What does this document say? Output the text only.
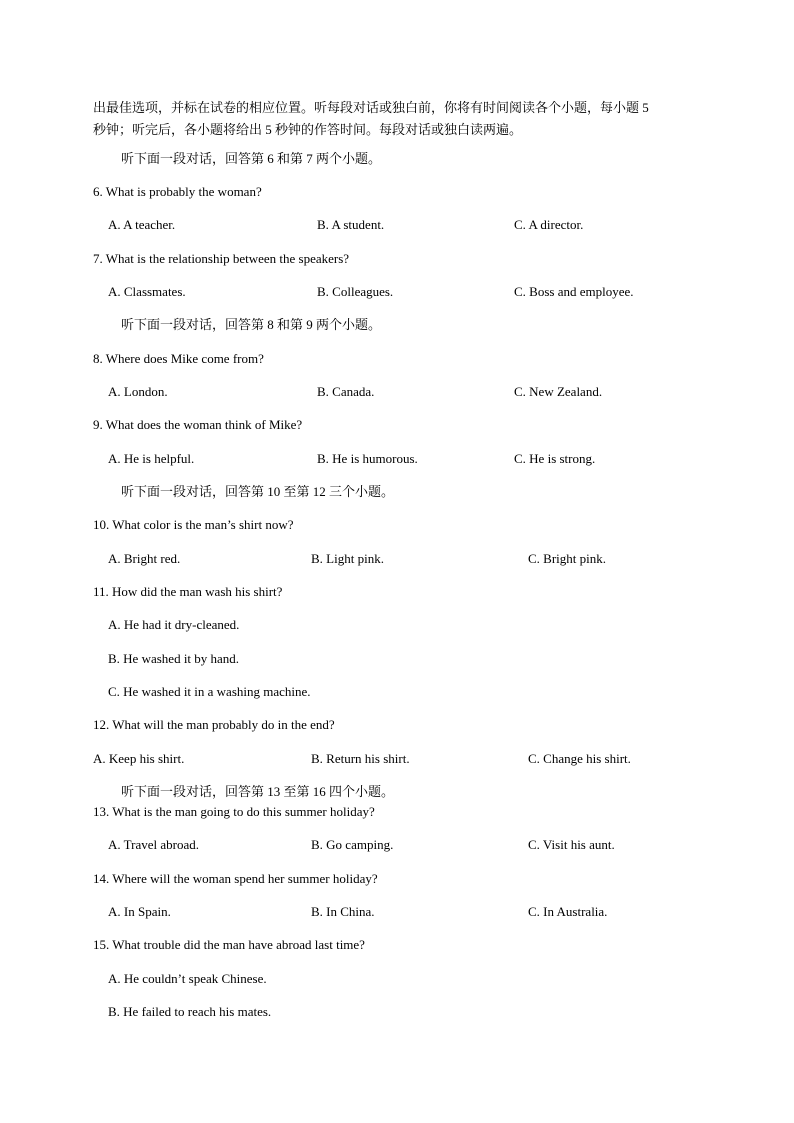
出最佳选项，并标在试卷的相应位置。听每段对话或独白前，你将有时间阅读各个小题，每小题 5
秒钟；听完后，各小题将给出 5 秒钟的作答时间。每段对话或独白读两遍。

听下面一段对话，回答第 6 和第 7 两个小题。
6. What is probably the woman?
A. A teacher.	B. A student.	C. A director.
7. What is the relationship between the speakers?
A. Classmates.	B. Colleagues.	C. Boss and employee.
听下面一段对话，回答第 8 和第 9 两个小题。
8. Where does Mike come from?
A. London.	B. Canada.	C. New Zealand.
9. What does the woman think of Mike?
A. He is helpful.	B. He is humorous.	C. He is strong.
听下面一段对话，回答第 10 至第 12 三个小题。
10. What color is the man’s shirt now?
A. Bright red.	B. Light pink.	C. Bright pink.
11. How did the man wash his shirt?
A. He had it dry-cleaned.
B. He washed it by hand.
C. He washed it in a washing machine.
12. What will the man probably do in the end?
A. Keep his shirt.	B. Return his shirt.	C. Change his shirt.
听下面一段对话，回答第 13 至第 16 四个小题。
13. What is the man going to do this summer holiday?
A. Travel abroad.	B. Go camping.	C. Visit his aunt.
14. Where will the woman spend her summer holiday?
A. In Spain.	B. In China.	C. In Australia.
15. What trouble did the man have abroad last time?
A. He couldn’t speak Chinese.
B. He failed to reach his mates.
